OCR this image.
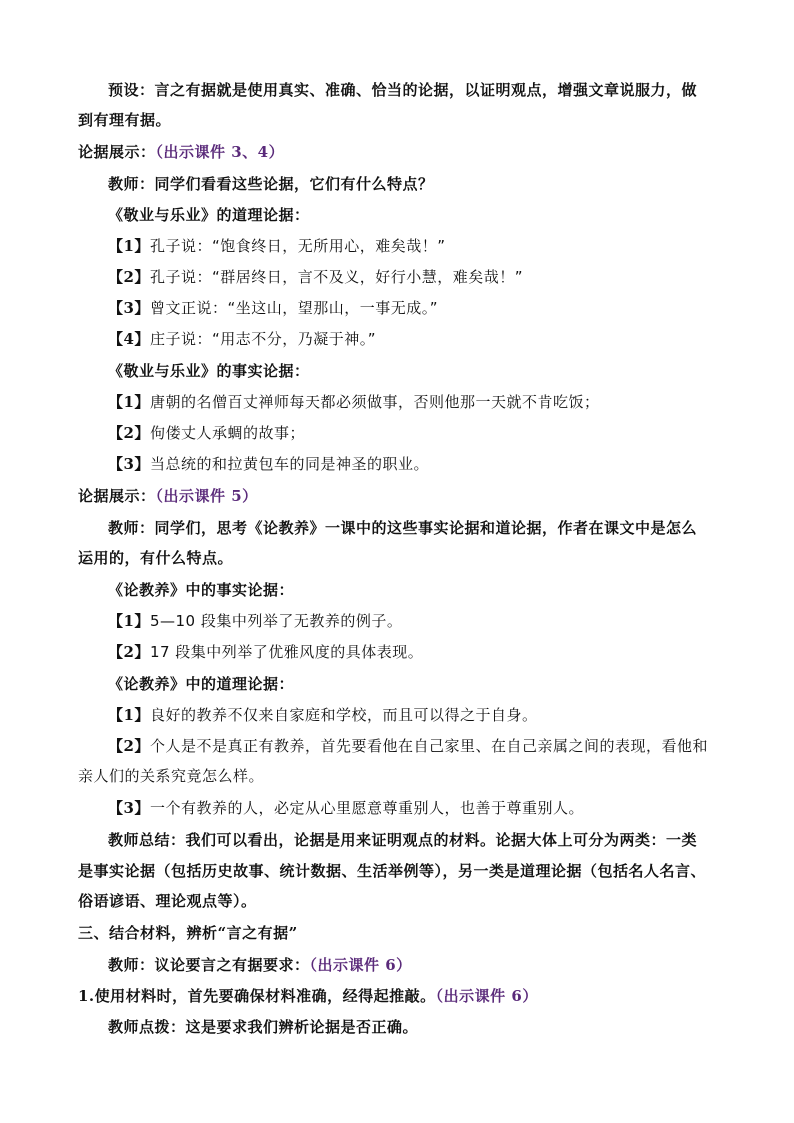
预设：言之有据就是使用真实、准确、恰当的论据，以证明观点，增强文章说服力，做
到有理有据。
论据展示：（出示课件 3、4）
教师：同学们看看这些论据，它们有什么特点？
《敬业与乐业》的道理论据：
【1】孔子说：“饱食终日，无所用心，难矣哉！”
【2】孔子说：“群居终日，言不及义，好行小慧，难矣哉！”
【3】曾文正说：“坐这山，望那山，一事无成。”
【4】庄子说：“用志不分，乃凝于神。”
《敬业与乐业》的事实论据：
【1】唐朝的名僧百丈禅师每天都必须做事，否则他那一天就不肯吃饭；
【2】佝偻丈人承蜩的故事；
【3】当总统的和拉黄包车的同是神圣的职业。
论据展示：（出示课件 5）
教师：同学们，思考《论教养》一课中的这些事实论据和道论据，作者在课文中是怎么
运用的，有什么特点。
《论教养》中的事实论据：
【1】5—10 段集中列举了无教养的例子。
【2】17 段集中列举了优雅风度的具体表现。
《论教养》中的道理论据：
【1】良好的教养不仅来自家庭和学校，而且可以得之于自身。
【2】个人是不是真正有教养，首先要看他在自己家里、在自己亲属之间的表现，看他和
亲人们的关系究竟怎么样。
【3】一个有教养的人，必定从心里愿意尊重别人，也善于尊重别人。
教师总结：我们可以看出，论据是用来证明观点的材料。论据大体上可分为两类：一类
是事实论据（包括历史故事、统计数据、生活举例等），另一类是道理论据（包括名人名言、
俗语谚语、理论观点等）。
三、结合材料，辨析“言之有据”
教师：议论要言之有据要求：（出示课件 6）
1.使用材料时，首先要确保材料准确，经得起推敲。（出示课件 6）
教师点拨：这是要求我们辨析论据是否正确。
